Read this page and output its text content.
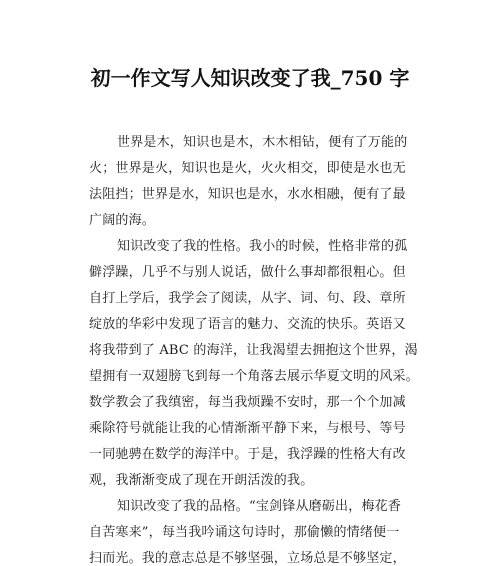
初一作文写人知识改变了我_750 字
世界是木，知识也是木，木木相钻，便有了万能的
火；世界是火，知识也是火，火火相交，即使是水也无
法阻挡；世界是水，知识也是水，水水相融，便有了最
广阔的海。
知识改变了我的性格。我小的时候，性格非常的孤
僻浮躁，几乎不与别人说话，做什么事却都很粗心。但
自打上学后，我学会了阅读，从字、词、句、段、章所
绽放的华彩中发现了语言的魅力、交流的快乐。英语又
将我带到了 ABC 的海洋，让我渴望去拥抱这个世界，渴
望拥有一双翅膀飞到每一个角落去展示华夏文明的风采。
数学教会了我缜密，每当我烦躁不安时，那一个个加减
乘除符号就能让我的心情渐渐平静下来，与根号、等号
一同驰骋在数学的海洋中。于是，我浮躁的性格大有改
观，我渐渐变成了现在开朗活泼的我。
知识改变了我的品格。“宝剑锋从磨砺出，梅花香
自苦寒来”，每当我吟诵这句诗时，那偷懒的情绪便一
扫而光。我的意志总是不够坚强，立场总是不够坚定，
